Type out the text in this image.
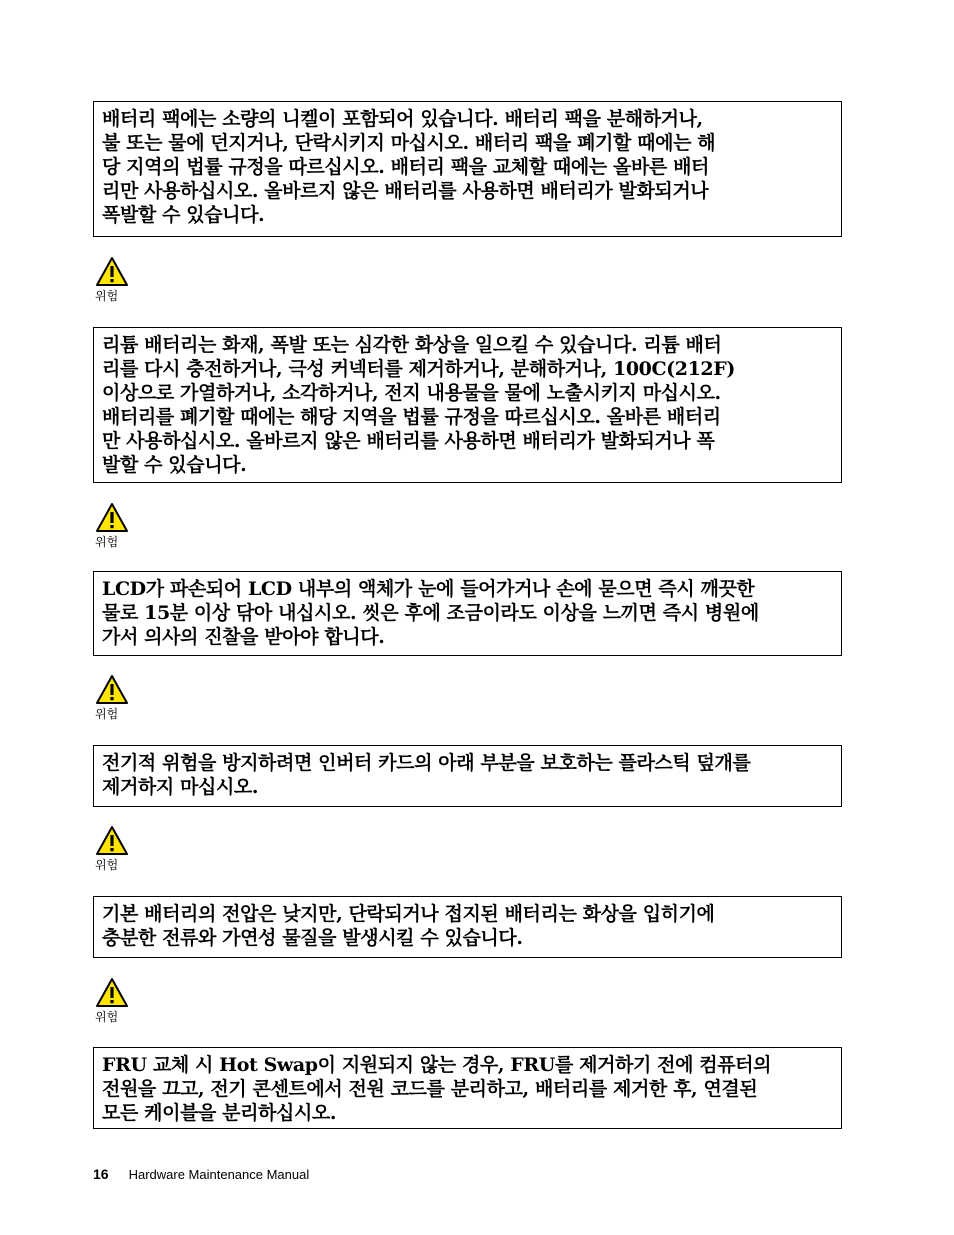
배터리 팩에는 소량의 니켈이 포함되어 있습니다. 배터리 팩을 분해하거나,
불 또는 물에 던지거나, 단락시키지 마십시오. 배터리 팩을 폐기할 때에는 해
당 지역의 법률 규정을 따르십시오. 배터리 팩을 교체할 때에는 올바른 배터
리만 사용하십시오. 올바르지 않은 배터리를 사용하면 배터리가 발화되거나
폭발할 수 있습니다.
위험
리튬 배터리는 화재, 폭발 또는 심각한 화상을 일으킬 수 있습니다. 리튬 배터
리를 다시 충전하거나, 극성 커넥터를 제거하거나, 분해하거나, 100C(212F)
이상으로 가열하거나, 소각하거나, 전지 내용물을 물에 노출시키지 마십시오.
배터리를 폐기할 때에는 해당 지역을 법률 규정을 따르십시오. 올바른 배터리
만 사용하십시오. 올바르지 않은 배터리를 사용하면 배터리가 발화되거나 폭
발할 수 있습니다.
위험
LCD가 파손되어 LCD 내부의 액체가 눈에 들어가거나 손에 묻으면 즉시 깨끗한
물로 15분 이상 닦아 내십시오. 씻은 후에 조금이라도 이상을 느끼면 즉시 병원에
가서 의사의 진찰을 받아야 합니다.
위험
전기적 위험을 방지하려면 인버터 카드의 아래 부분을 보호하는 플라스틱 덮개를
제거하지 마십시오.
위험
기본 배터리의 전압은 낮지만, 단락되거나 접지된 배터리는 화상을 입히기에
충분한 전류와 가연성 물질을 발생시킬 수 있습니다.
위험
FRU 교체 시 Hot Swap이 지원되지 않는 경우, FRU를 제거하기 전에 컴퓨터의
전원을 끄고, 전기 콘센트에서 전원 코드를 분리하고, 배터리를 제거한 후, 연결된
모든 케이블을 분리하십시오.
16 Hardware Maintenance Manual
